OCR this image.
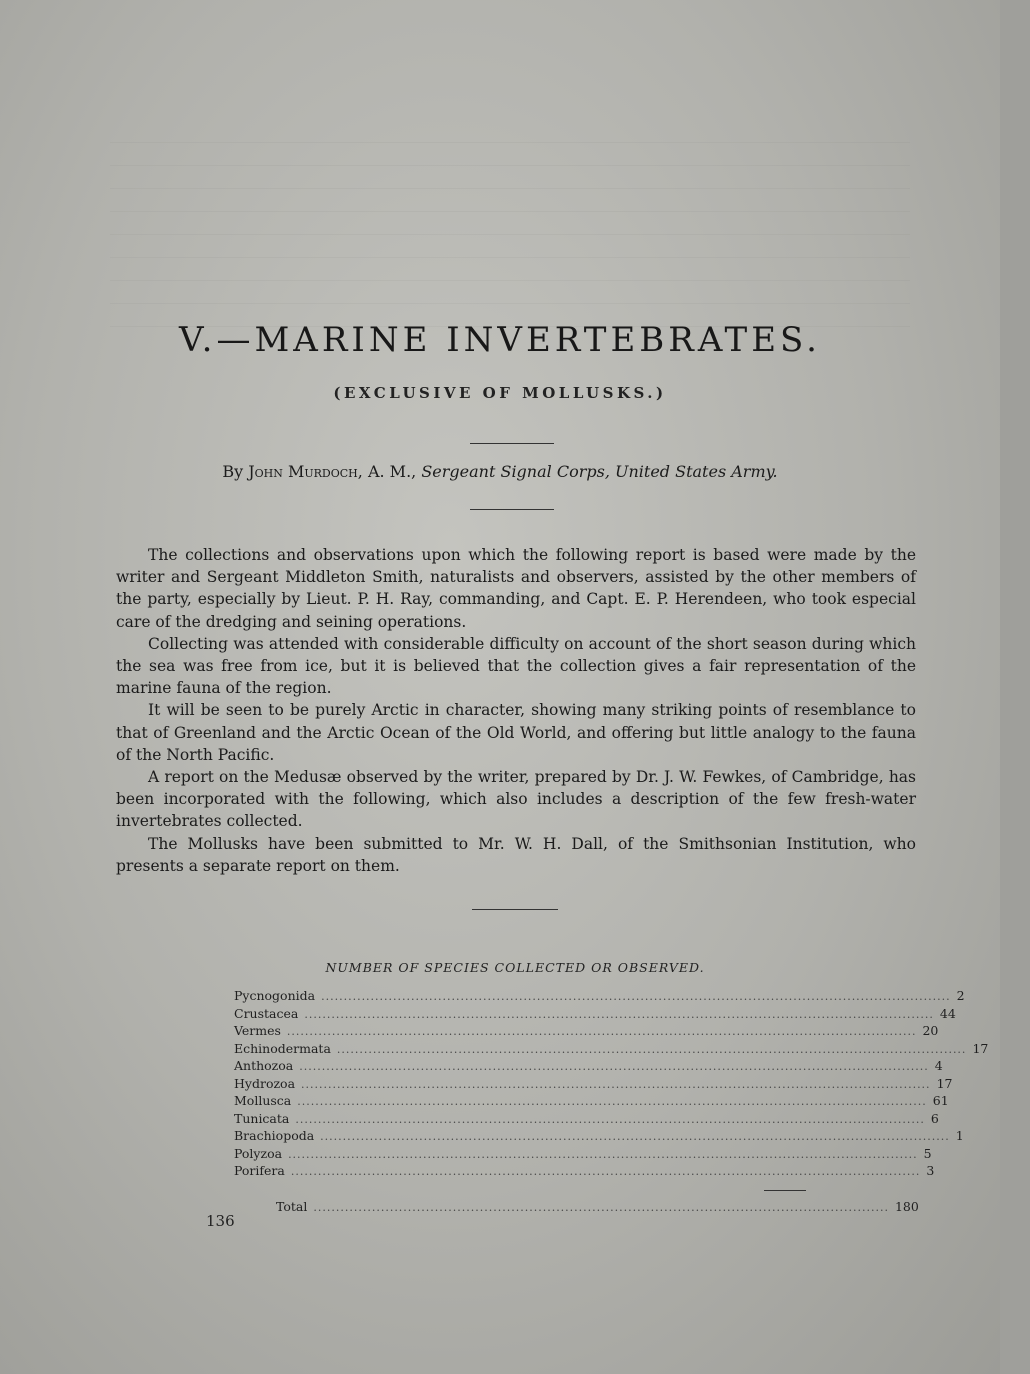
V.—MARINE INVERTEBRATES.
(EXCLUSIVE OF MOLLUSKS.)
By John Murdoch, A. M., Sergeant Signal Corps, United States Army.

The collections and observations upon which the following report is based were made by the writer and Sergeant Middleton Smith, naturalists and observers, assisted by the other members of the party, especially by Lieut. P. H. Ray, commanding, and Capt. E. P. Herendeen, who took especial care of the dredging and seining operations.

Collecting was attended with considerable difficulty on account of the short season during which the sea was free from ice, but it is believed that the collection gives a fair representation of the marine fauna of the region.

It will be seen to be purely Arctic in character, showing many striking points of resemblance to that of Greenland and the Arctic Ocean of the Old World, and offering but little analogy to the fauna of the North Pacific.

A report on the Medusæ observed by the writer, prepared by Dr. J. W. Fewkes, of Cambridge, has been incorporated with the following, which also includes a description of the few fresh-water invertebrates collected.

The Mollusks have been submitted to Mr. W. H. Dall, of the Smithsonian Institution, who presents a separate report on them.

NUMBER OF SPECIES COLLECTED OR OBSERVED.
Pycnogonida ............................................................................................................................................ 2
Crustacea ............................................................................................................................................ 44
Vermes ............................................................................................................................................ 20
Echinodermata ............................................................................................................................................ 17
Anthozoa ............................................................................................................................................ 4
Hydrozoa ............................................................................................................................................ 17
Mollusca ............................................................................................................................................ 61
Tunicata ............................................................................................................................................ 6
Brachiopoda ............................................................................................................................................ 1
Polyzoa ............................................................................................................................................ 5
Porifera ............................................................................................................................................ 3
Total ................................................................................................................................ 180
136
